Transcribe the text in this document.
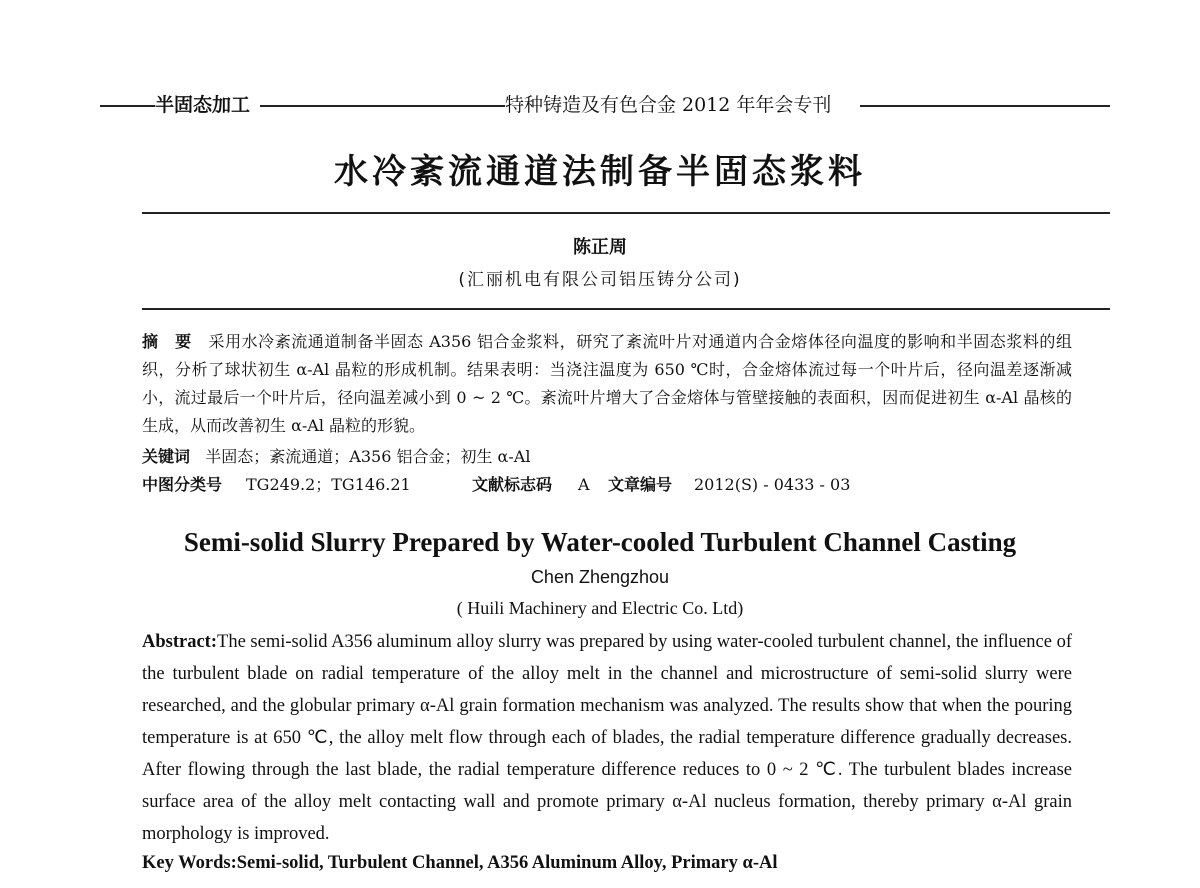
半固态加工	特种铸造及有色合金 2012 年年会专刊
水冷紊流通道法制备半固态浆料
陈正周
(汇丽机电有限公司铝压铸分公司)
摘　要 采用水冷紊流通道制备半固态 A356 铝合金浆料，研究了紊流叶片对通道内合金熔体径向温度的影响和半固态浆料的组织，分析了球状初生 α-Al 晶粒的形成机制。结果表明：当浇注温度为 650 ℃时，合金熔体流过每一个叶片后，径向温差逐渐减小，流过最后一个叶片后，径向温差减小到 0 ~ 2 ℃。紊流叶片增大了合金熔体与管壁接触的表面积，因而促进初生 α-Al 晶核的生成，从而改善初生 α-Al 晶粒的形貌。
关键词 半固态；紊流通道；A356 铝合金；初生 α-Al
中图分类号 TG249.2；TG146.21	文献标志码 A 文章编号 2012(S) - 0433 - 03
Semi-solid Slurry Prepared by Water-cooled Turbulent Channel Casting
Chen Zhengzhou
( Huili Machinery and Electric Co. Ltd)
Abstract:The semi-solid A356 aluminum alloy slurry was prepared by using water-cooled turbulent channel, the influence of the turbulent blade on radial temperature of the alloy melt in the channel and microstructure of semi-solid slurry were researched, and the globular primary α-Al grain formation mechanism was analyzed. The results show that when the pouring temperature is at 650 ℃, the alloy melt flow through each of blades, the radial temperature difference gradually decreases. After flowing through the last blade, the radial temperature difference reduces to 0 ~ 2 ℃. The turbulent blades increase surface area of the alloy melt contacting wall and promote primary α-Al nucleus formation, thereby primary α-Al grain morphology is improved.
Key Words:Semi-solid, Turbulent Channel, A356 Aluminum Alloy, Primary α-Al
